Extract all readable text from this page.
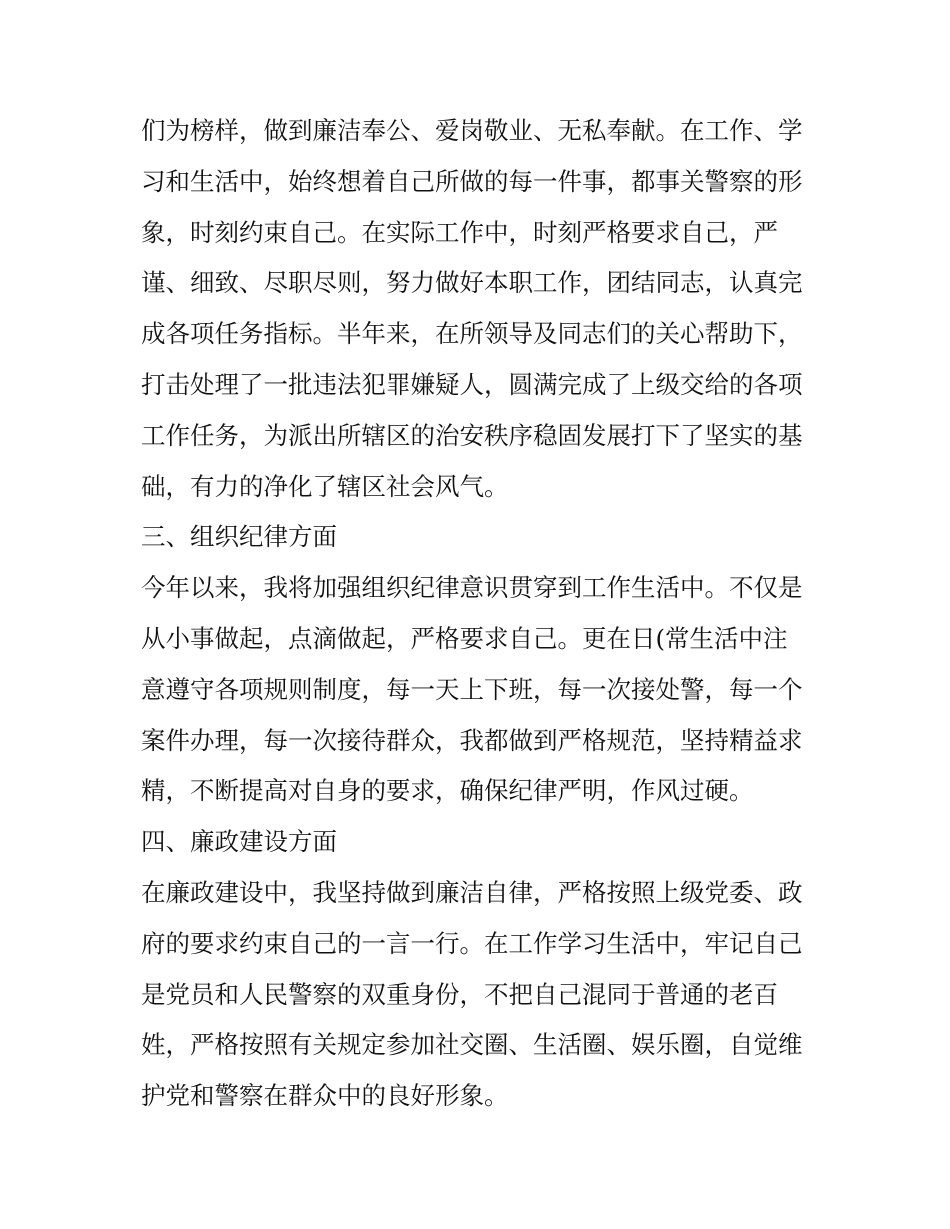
们为榜样，做到廉洁奉公、爱岗敬业、无私奉献。在工作、学
习和生活中，始终想着自己所做的每一件事，都事关警察的形
象，时刻约束自己。在实际工作中，时刻严格要求自己，严
谨、细致、尽职尽则，努力做好本职工作，团结同志，认真完
成各项任务指标。半年来，在所领导及同志们的关心帮助下，
打击处理了一批违法犯罪嫌疑人，圆满完成了上级交给的各项
工作任务，为派出所辖区的治安秩序稳固发展打下了坚实的基
础，有力的净化了辖区社会风气。
三、组织纪律方面
今年以来，我将加强组织纪律意识贯穿到工作生活中。不仅是
从小事做起，点滴做起，严格要求自己。更在日(常生活中注
意遵守各项规则制度，每一天上下班，每一次接处警，每一个
案件办理，每一次接待群众，我都做到严格规范，坚持精益求
精，不断提高对自身的要求，确保纪律严明，作风过硬。
四、廉政建设方面
在廉政建设中，我坚持做到廉洁自律，严格按照上级党委、政
府的要求约束自己的一言一行。在工作学习生活中，牢记自己
是党员和人民警察的双重身份，不把自己混同于普通的老百
姓，严格按照有关规定参加社交圈、生活圈、娱乐圈，自觉维
护党和警察在群众中的良好形象。
